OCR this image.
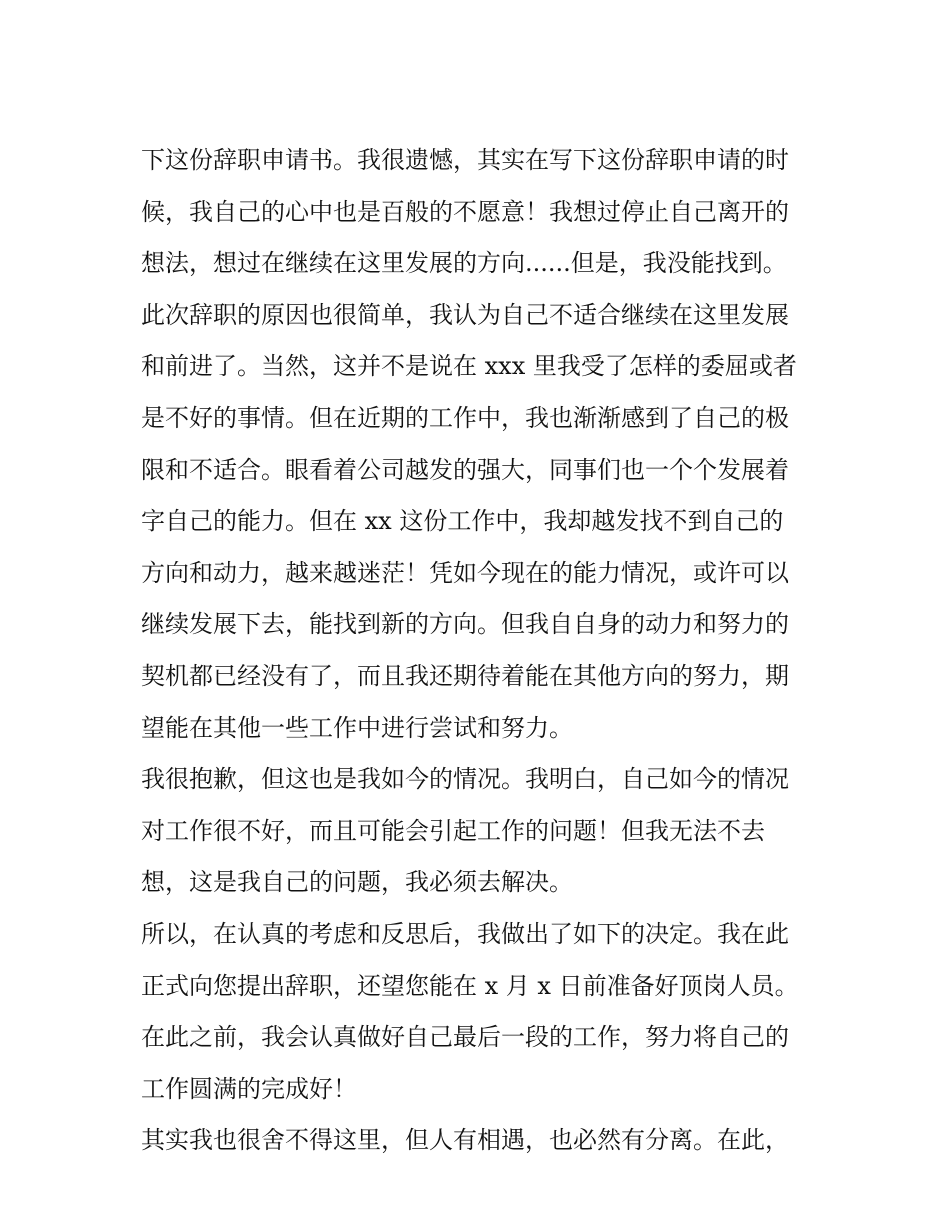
下这份辞职申请书。我很遗憾，其实在写下这份辞职申请的时
候，我自己的心中也是百般的不愿意！我想过停止自己离开的
想法，想过在继续在这里发展的方向......但是，我没能找到。
此次辞职的原因也很简单，我认为自己不适合继续在这里发展
和前进了。当然，这并不是说在 xxx 里我受了怎样的委屈或者
是不好的事情。但在近期的工作中，我也渐渐感到了自己的极
限和不适合。眼看着公司越发的强大，同事们也一个个发展着
字自己的能力。但在 xx 这份工作中，我却越发找不到自己的
方向和动力，越来越迷茫！凭如今现在的能力情况，或许可以
继续发展下去，能找到新的方向。但我自自身的动力和努力的
契机都已经没有了，而且我还期待着能在其他方向的努力，期
望能在其他一些工作中进行尝试和努力。
我很抱歉，但这也是我如今的情况。我明白，自己如今的情况
对工作很不好，而且可能会引起工作的问题！但我无法不去
想，这是我自己的问题，我必须去解决。
所以，在认真的考虑和反思后，我做出了如下的决定。我在此
正式向您提出辞职，还望您能在 x 月 x 日前准备好顶岗人员。
在此之前，我会认真做好自己最后一段的工作，努力将自己的
工作圆满的完成好！
其实我也很舍不得这里，但人有相遇，也必然有分离。在此，
